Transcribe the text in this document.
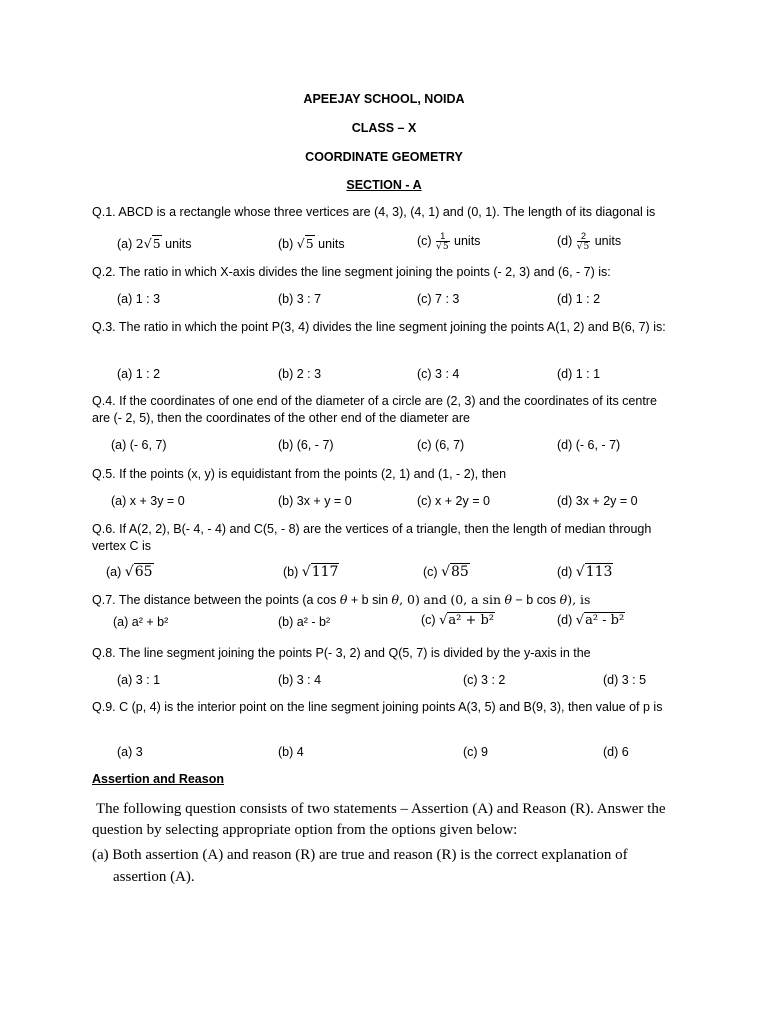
APEEJAY SCHOOL, NOIDA
CLASS – X
COORDINATE GEOMETRY
SECTION - A
Q.1. ABCD is a rectangle whose three vertices are (4, 3), (4, 1) and (0, 1). The length of its diagonal is
(a) 2√5 units	(b) √5 units	$(c) \frac{1}{√5}$ units	$(d) \frac{2}{√5}$ units
Q.2. The ratio in which X-axis divides the line segment joining the points (- 2, 3) and (6, - 7) is:
(a) 1 : 3	(b) 3 : 7	(c) 7 : 3	(d) 1 : 2
Q.3. The ratio in which the point P(3, 4) divides the line segment joining the points A(1, 2) and B(6, 7) is:
(a) 1 : 2	(b) 2 : 3	(c) 3 : 4	(d) 1 : 1
Q.4. If the coordinates of one end of the diameter of a circle are (2, 3) and the coordinates of its centre are (- 2, 5), then the coordinates of the other end of the diameter are
(a) (- 6, 7)	(b) (6, - 7)	(c) (6, 7)	(d) (- 6, - 7)
Q.5. If the points (x, y) is equidistant from the points (2, 1) and (1, - 2), then
(a) x + 3y = 0	(b) 3x + y = 0	(c) x + 2y = 0	(d) 3x + 2y = 0
Q.6. If A(2, 2), B(- 4, - 4) and C(5, - 8) are the vertices of a triangle, then the length of median through vertex C is
(a) √65	(b) √117	(c) √85	(d) √113
Q.7. The distance between the points (a cos θ + b sin θ, 0) and (0, a sin θ − b cos θ), is
(a) a² + b²	(b) a² - b²	(c) √a² + b²	(d) √a² - b²
Q.8. The line segment joining the points P(- 3, 2) and Q(5, 7) is divided by the y-axis in the
(a) 3 : 1	(b) 3 : 4	(c) 3 : 2	(d) 3 : 5
Q.9. C (p, 4) is the interior point on the line segment joining points A(3, 5) and B(9, 3), then value of p is
(a) 3	(b) 4	(c) 9	(d) 6
Assertion and Reason
The following question consists of two statements – Assertion (A) and Reason (R). Answer the question by selecting appropriate option from the options given below:
(a) Both assertion (A) and reason (R) are true and reason (R) is the correct explanation of
assertion (A).
